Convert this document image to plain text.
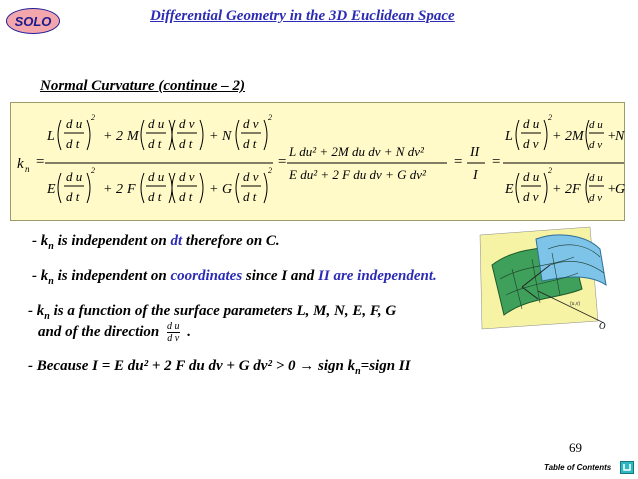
SOLO	Differential Geometry in the 3D Euclidean Space
Normal Curvature (continue – 2)
k n =
L
d u
d t
2
+ 2 M
d u
d t
d v
d t + N
d v
d t
2
E
d u
d t
2
+ 2 F
d u
d t
d v
d t + G
d v
d t
2
=
L du² + 2M du dv + N dv²
E du² + 2 F du dv + G dv²
=
II
I
=
L
d u
d v
2
+ 2 M
d u
d v
+
N
E
d u
d v
2
+ 2 F
d u
d v
+
G
- $k_n$ is independent on dt therefore on C.
- $k_n$ is independent on coordinates since I and II are independent.
- $k_n$ is a function of the surface parameters L, M, N, E, F, G
and of the direction $\frac{\text{d u}}{\text{d v}}$ .
- Because I = E du² + 2 F du dv + G dv² > 0 → sign $k_n=sign$ II
(u,v)
O
69
Table of Contents
